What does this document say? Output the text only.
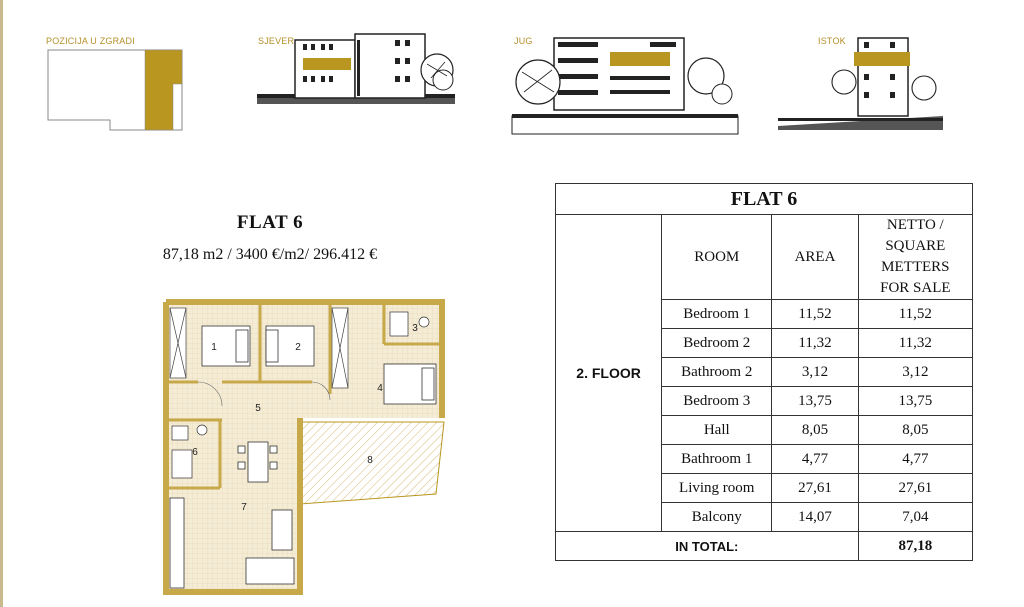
POZICIJA U ZGRADI	SJEVER	JUG	ISTOK
FLAT 6
87,18 m2 / 3400 €/m2/ 296.412 €
1	2
3
4
5
6
7
8
FLAT 6			
2. FLOOR	ROOM	AREA	NETTO /
SQUARE
METTERS
FOR SALE
	Bedroom 1	11,52	11,52
	Bedroom 2	11,32	11,32
	Bathroom 2	3,12	3,12
	Bedroom 3	13,75	13,75
	Hall	8,05	8,05
	Bathroom 1	4,77	4,77
	Living room	27,61	27,61
	Balcony	14,07	7,04
IN TOTAL:			87,18
